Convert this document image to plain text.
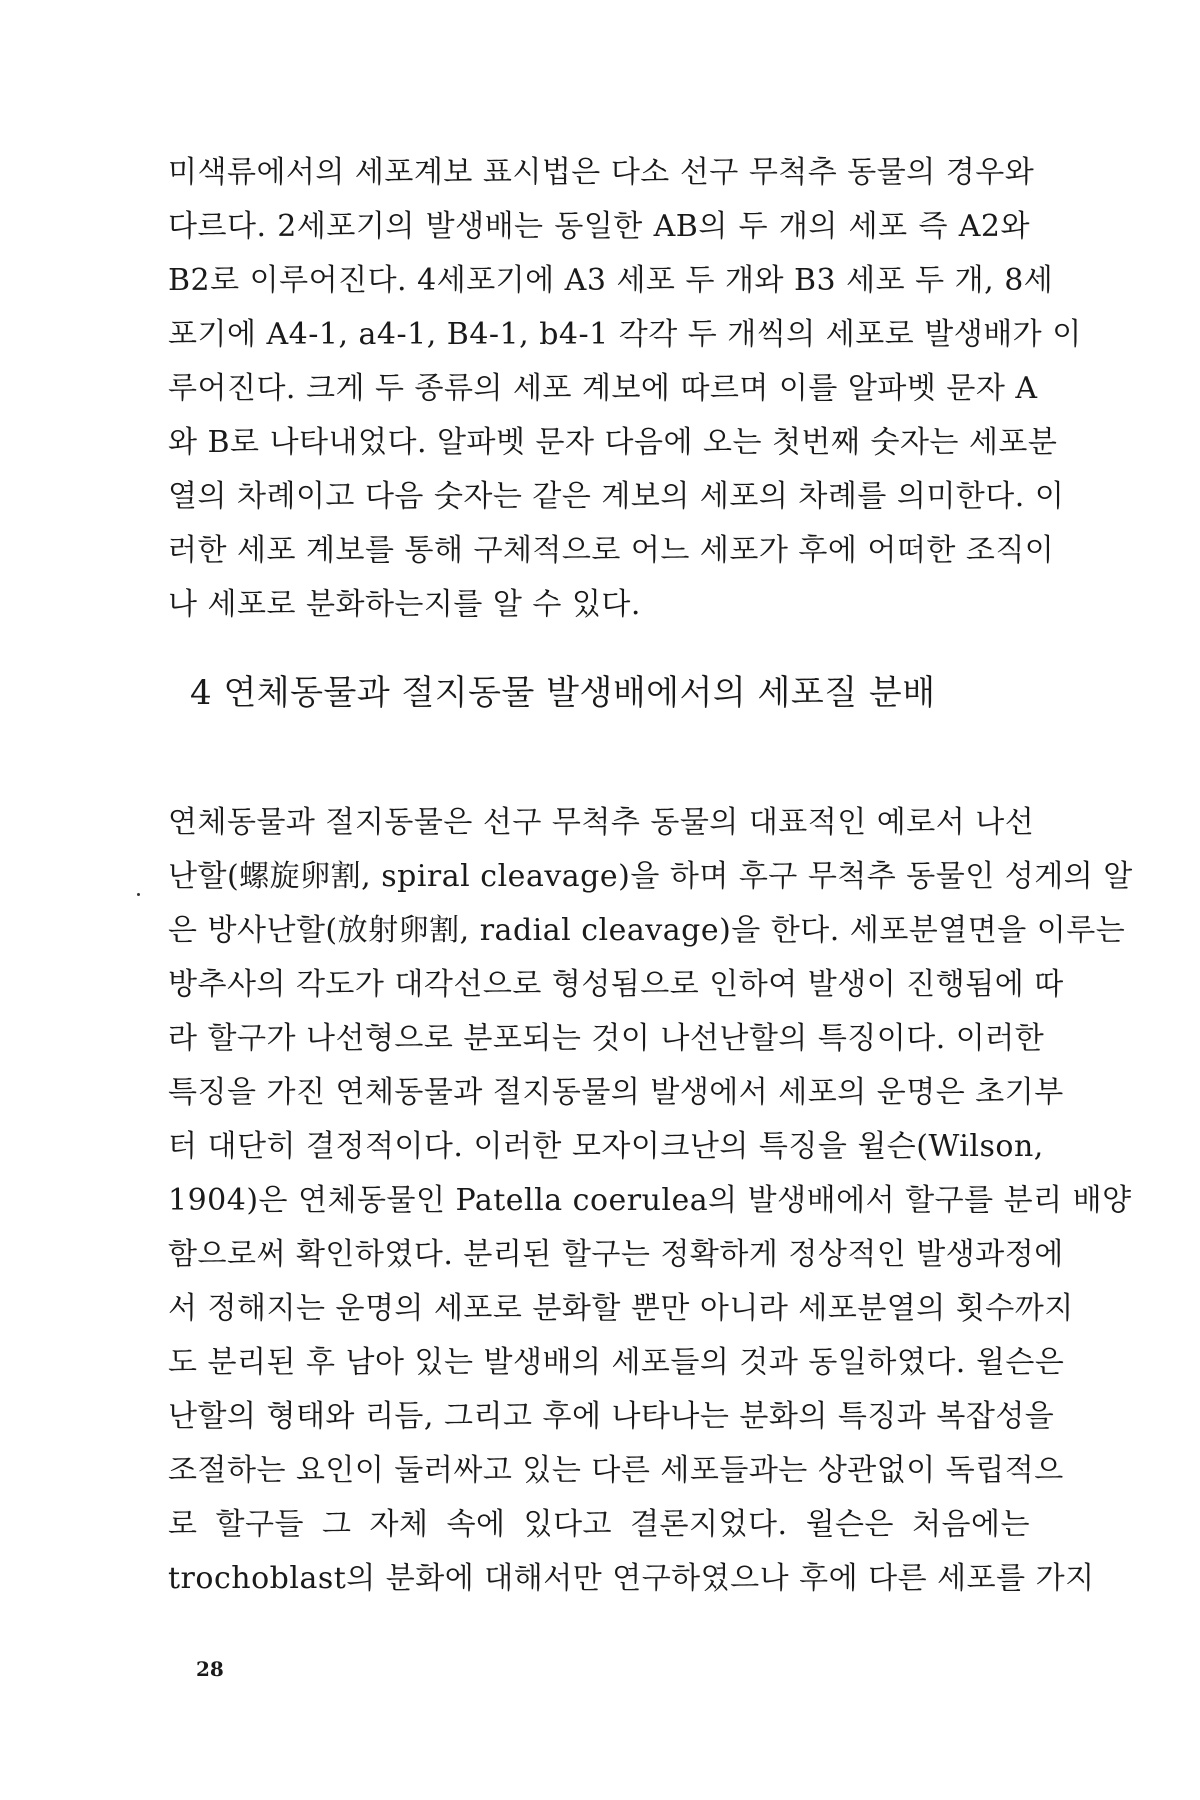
미색류에서의 세포계보 표시법은 다소 선구 무척추 동물의 경우와
다르다. 2세포기의 발생배는 동일한 AB의 두 개의 세포 즉 A2와
B2로 이루어진다. 4세포기에 A3 세포 두 개와 B3 세포 두 개, 8세
포기에 A4-1, a4-1, B4-1, b4-1 각각 두 개씩의 세포로 발생배가 이
루어진다. 크게 두 종류의 세포 계보에 따르며 이를 알파벳 문자 A
와 B로 나타내었다. 알파벳 문자 다음에 오는 첫번째 숫자는 세포분
열의 차례이고 다음 숫자는 같은 계보의 세포의 차례를 의미한다. 이
러한 세포 계보를 통해 구체적으로 어느 세포가 후에 어떠한 조직이
나 세포로 분화하는지를 알 수 있다.
4 연체동물과 절지동물 발생배에서의 세포질 분배
연체동물과 절지동물은 선구 무척추 동물의 대표적인 예로서 나선
난할(螺旋卵割, spiral cleavage)을 하며 후구 무척추 동물인 성게의 알
은 방사난할(放射卵割, radial cleavage)을 한다. 세포분열면을 이루는
방추사의 각도가 대각선으로 형성됨으로 인하여 발생이 진행됨에 따
라 할구가 나선형으로 분포되는 것이 나선난할의 특징이다. 이러한
특징을 가진 연체동물과 절지동물의 발생에서 세포의 운명은 초기부
터 대단히 결정적이다. 이러한 모자이크난의 특징을 윌슨(Wilson,
1904)은 연체동물인 Patella coerulea의 발생배에서 할구를 분리 배양
함으로써 확인하였다. 분리된 할구는 정확하게 정상적인 발생과정에
서 정해지는 운명의 세포로 분화할 뿐만 아니라 세포분열의 횟수까지
도 분리된 후 남아 있는 발생배의 세포들의 것과 동일하였다. 윌슨은
난할의 형태와 리듬, 그리고 후에 나타나는 분화의 특징과 복잡성을
조절하는 요인이 둘러싸고 있는 다른 세포들과는 상관없이 독립적으
로 할구들 그 자체 속에 있다고 결론지었다. 윌슨은 처음에는
trochoblast의 분화에 대해서만 연구하였으나 후에 다른 세포를 가지
28
